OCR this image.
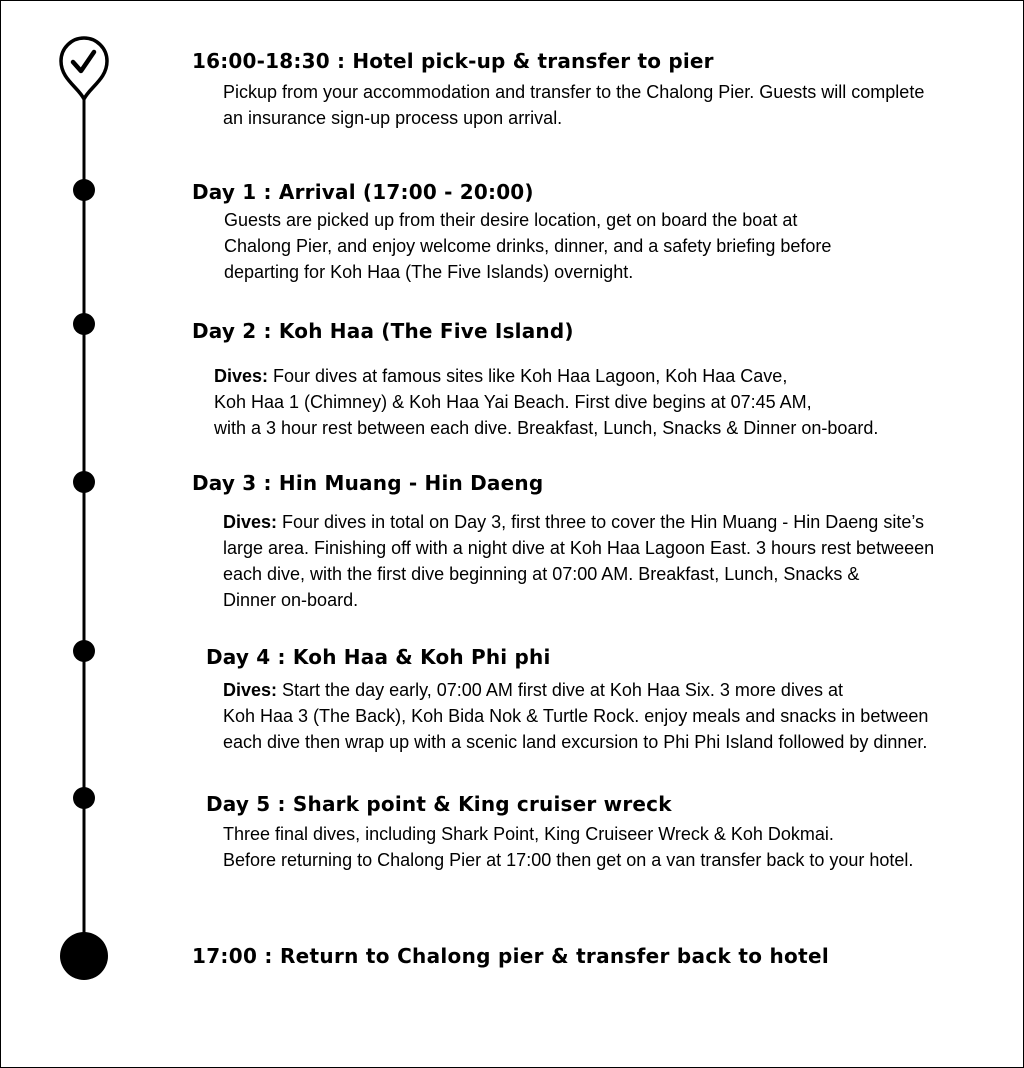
16:00-18:30 : Hotel pick-up & transfer to pier
Pickup from your accommodation and transfer to the Chalong Pier. Guests will complete
an insurance sign-up process upon arrival.
Day 1 : Arrival (17:00 - 20:00)
Guests are picked up from their desire location, get on board the boat at
Chalong Pier, and enjoy welcome drinks, dinner, and a safety briefing before
departing for Koh Haa (The Five Islands) overnight.
Day 2 : Koh Haa (The Five Island)
Dives: Four dives at famous sites like Koh Haa Lagoon, Koh Haa Cave,
Koh Haa 1 (Chimney) & Koh Haa Yai Beach. First dive begins at 07:45 AM,
with a 3 hour rest between each dive. Breakfast, Lunch, Snacks & Dinner on-board.
Day 3 : Hin Muang - Hin Daeng
Dives: Four dives in total on Day 3, first three to cover the Hin Muang - Hin Daeng site’s
large area. Finishing off with a night dive at Koh Haa Lagoon East. 3 hours rest betweeen
each dive, with the first dive beginning at 07:00 AM. Breakfast, Lunch, Snacks &
Dinner on-board.
Day 4 : Koh Haa & Koh Phi phi
Dives: Start the day early, 07:00 AM first dive at Koh Haa Six. 3 more dives at
Koh Haa 3 (The Back), Koh Bida Nok & Turtle Rock. enjoy meals and snacks in between
each dive then wrap up with a scenic land excursion to Phi Phi Island followed by dinner.
Day 5 : Shark point & King cruiser wreck
Three final dives, including Shark Point, King Cruiseer Wreck & Koh Dokmai.
Before returning to Chalong Pier at 17:00 then get on a van transfer back to your hotel.
17:00 : Return to Chalong pier & transfer back to hotel
